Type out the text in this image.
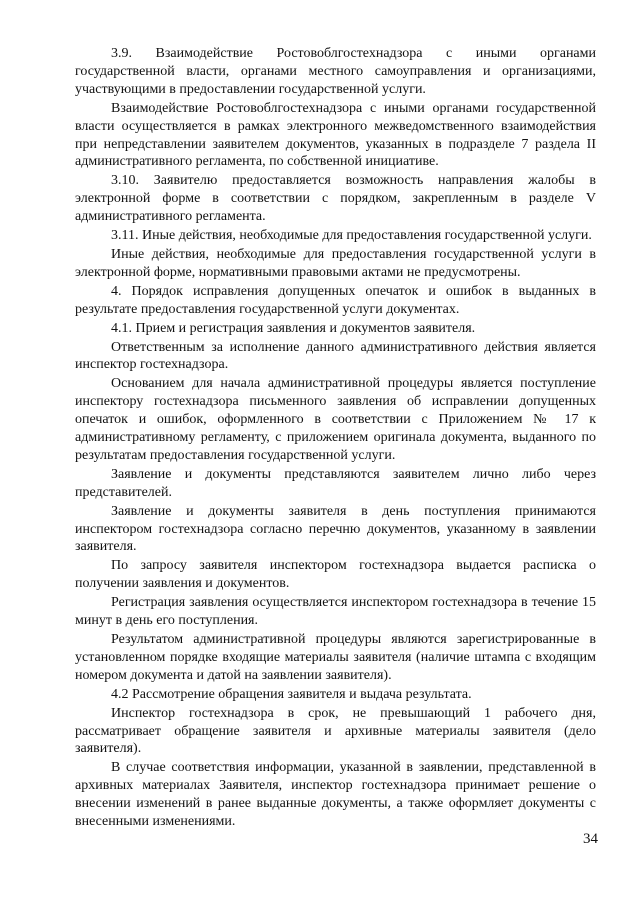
3.9. Взаимодействие Ростовоблгостехнадзора с иными органами государственной власти, органами местного самоуправления и организациями, участвующими в предоставлении государственной услуги.

Взаимодействие Ростовоблгостехнадзора с иными органами государственной власти осуществляется в рамках электронного межведомственного взаимодействия при непредставлении заявителем документов, указанных в подразделе 7 раздела II административного регламента, по собственной инициативе.

3.10. Заявителю предоставляется возможность направления жалобы в электронной форме в соответствии с порядком, закрепленным в разделе V административного регламента.

3.11. Иные действия, необходимые для предоставления государственной услуги.

Иные действия, необходимые для предоставления государственной услуги в электронной форме, нормативными правовыми актами не предусмотрены.

4. Порядок исправления допущенных опечаток и ошибок в выданных в результате предоставления государственной услуги документах.

4.1. Прием и регистрация заявления и документов заявителя.

Ответственным за исполнение данного административного действия является инспектор гостехнадзора.

Основанием для начала административной процедуры является поступление инспектору гостехнадзора письменного заявления об исправлении допущенных опечаток и ошибок, оформленного в соответствии с Приложением № 17 к административному регламенту, с приложением оригинала документа, выданного по результатам предоставления государственной услуги.

Заявление и документы представляются заявителем лично либо через представителей.

Заявление и документы заявителя в день поступления принимаются инспектором гостехнадзора согласно перечню документов, указанному в заявлении заявителя.

По запросу заявителя инспектором гостехнадзора выдается расписка о получении заявления и документов.

Регистрация заявления осуществляется инспектором гостехнадзора в течение 15 минут в день его поступления.

Результатом административной процедуры являются зарегистрированные в установленном порядке входящие материалы заявителя (наличие штампа с входящим номером документа и датой на заявлении заявителя).

4.2 Рассмотрение обращения заявителя и выдача результата.

Инспектор гостехнадзора в срок, не превышающий 1 рабочего дня, рассматривает обращение заявителя и архивные материалы заявителя (дело заявителя).

В случае соответствия информации, указанной в заявлении, представленной в архивных материалах Заявителя, инспектор гостехнадзора принимает решение о внесении изменений в ранее выданные документы, а также оформляет документы с внесенными изменениями.

34
